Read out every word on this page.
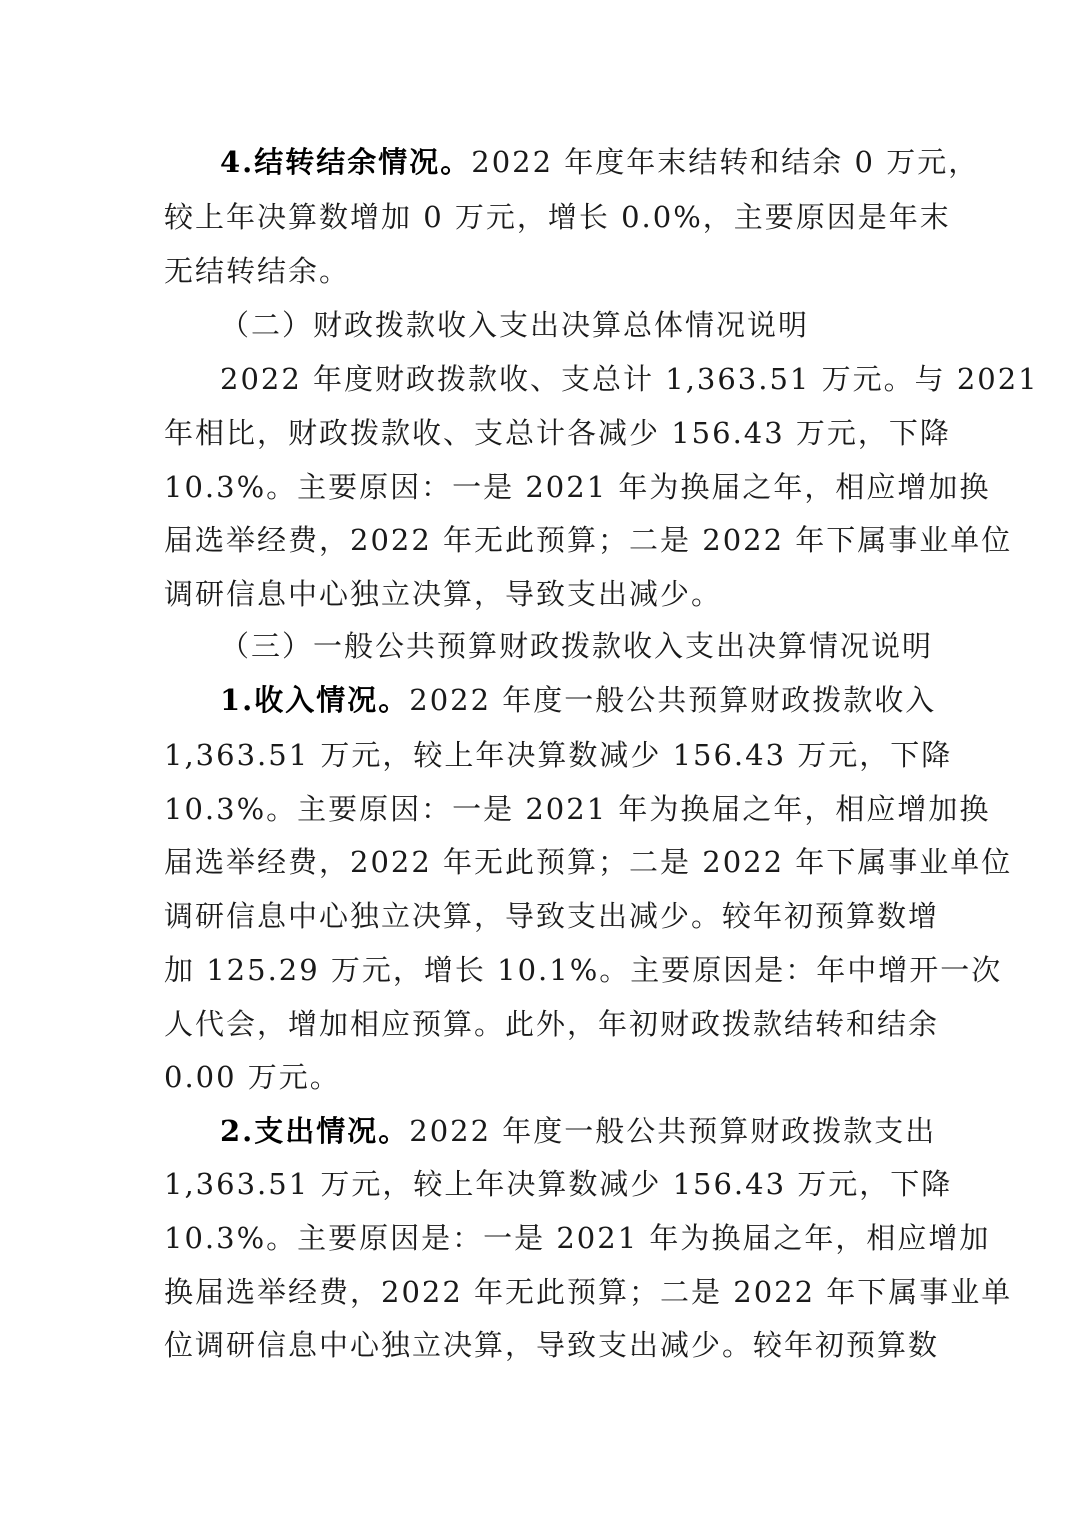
4.结转结余情况。2022 年度年末结转和结余 0 万元，
较上年决算数增加 0 万元，增长 0.0%，主要原因是年末
无结转结余。
（二）财政拨款收入支出决算总体情况说明
2022 年度财政拨款收、支总计 1,363.51 万元。与 2021
年相比，财政拨款收、支总计各减少 156.43 万元，下降
10.3%。主要原因：一是 2021 年为换届之年，相应增加换
届选举经费，2022 年无此预算；二是 2022 年下属事业单位
调研信息中心独立决算，导致支出减少。
（三）一般公共预算财政拨款收入支出决算情况说明
1.收入情况。2022 年度一般公共预算财政拨款收入
1,363.51 万元，较上年决算数减少 156.43 万元，下降
10.3%。主要原因：一是 2021 年为换届之年，相应增加换
届选举经费，2022 年无此预算；二是 2022 年下属事业单位
调研信息中心独立决算，导致支出减少。较年初预算数增
加 125.29 万元，增长 10.1%。主要原因是：年中增开一次
人代会，增加相应预算。此外，年初财政拨款结转和结余
0.00 万元。
2.支出情况。2022 年度一般公共预算财政拨款支出
1,363.51 万元，较上年决算数减少 156.43 万元，下降
10.3%。主要原因是：一是 2021 年为换届之年，相应增加
换届选举经费，2022 年无此预算；二是 2022 年下属事业单
位调研信息中心独立决算，导致支出减少。较年初预算数
